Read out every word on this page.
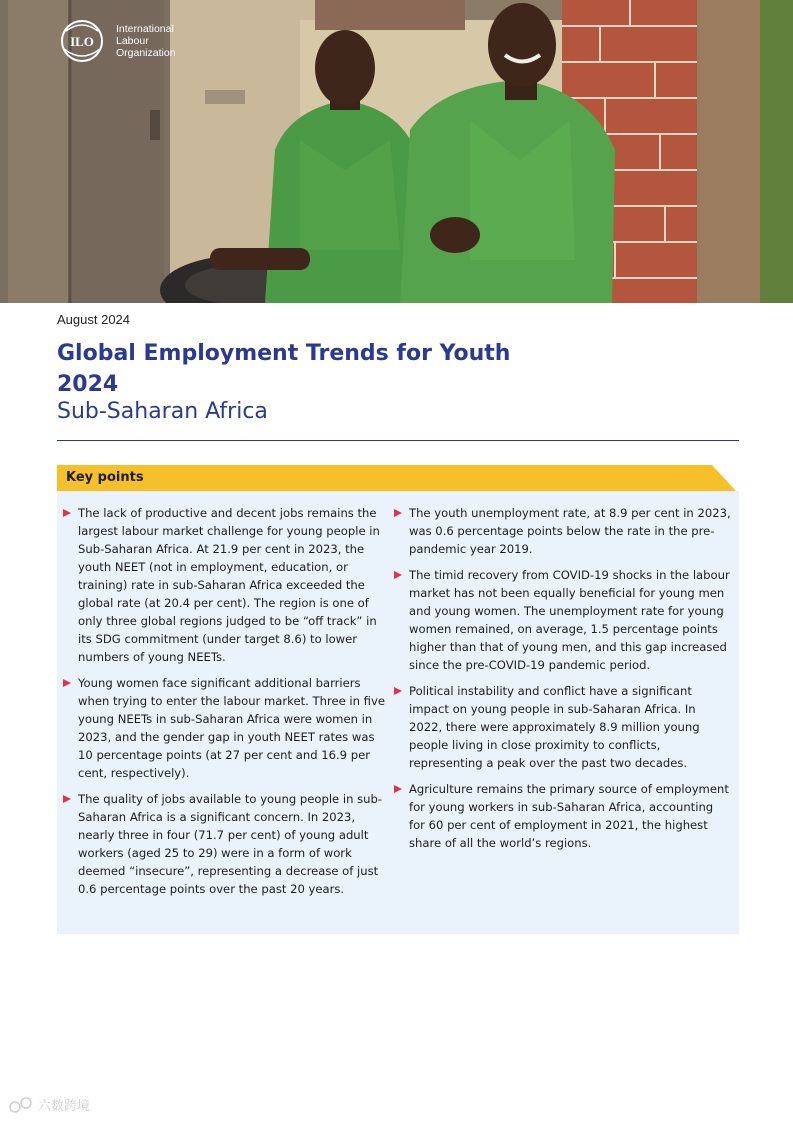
ILO
International
Labour
Organization
August 2024
Global Employment Trends for Youth 2024
Sub-Saharan Africa
Key points
The lack of productive and decent jobs remains the largest labour market challenge for young people in Sub-Saharan Africa. At 21.9 per cent in 2023, the youth NEET (not in employment, education, or training) rate in sub-Saharan Africa exceeded the global rate (at 20.4 per cent). The region is one of only three global regions judged to be “off track” in its SDG commitment (under target 8.6) to lower numbers of young NEETs.
Young women face significant additional barriers when trying to enter the labour market. Three in five young NEETs in sub-Saharan Africa were women in 2023, and the gender gap in youth NEET rates was 10 percentage points (at 27 per cent and 16.9 per cent, respectively).
The quality of jobs available to young people in sub-Saharan Africa is a significant concern. In 2023, nearly three in four (71.7 per cent) of young adult workers (aged 25 to 29) were in a form of work deemed “insecure”, representing a decrease of just 0.6 percentage points over the past 20 years.
The youth unemployment rate, at 8.9 per cent in 2023, was 0.6 percentage points below the rate in the pre-pandemic year 2019.
The timid recovery from COVID-19 shocks in the labour market has not been equally beneficial for young men and young women. The unemployment rate for young women remained, on average, 1.5 percentage points higher than that of young men, and this gap increased since the pre-COVID-19 pandemic period.
Political instability and conflict have a significant impact on young people in sub-Saharan Africa. In 2022, there were approximately 8.9 million young people living in close proximity to conflicts, representing a peak over the past two decades.
Agriculture remains the primary source of employment for young workers in sub-Saharan Africa, accounting for 60 per cent of employment in 2021, the highest share of all the world’s regions.
六数跨境
